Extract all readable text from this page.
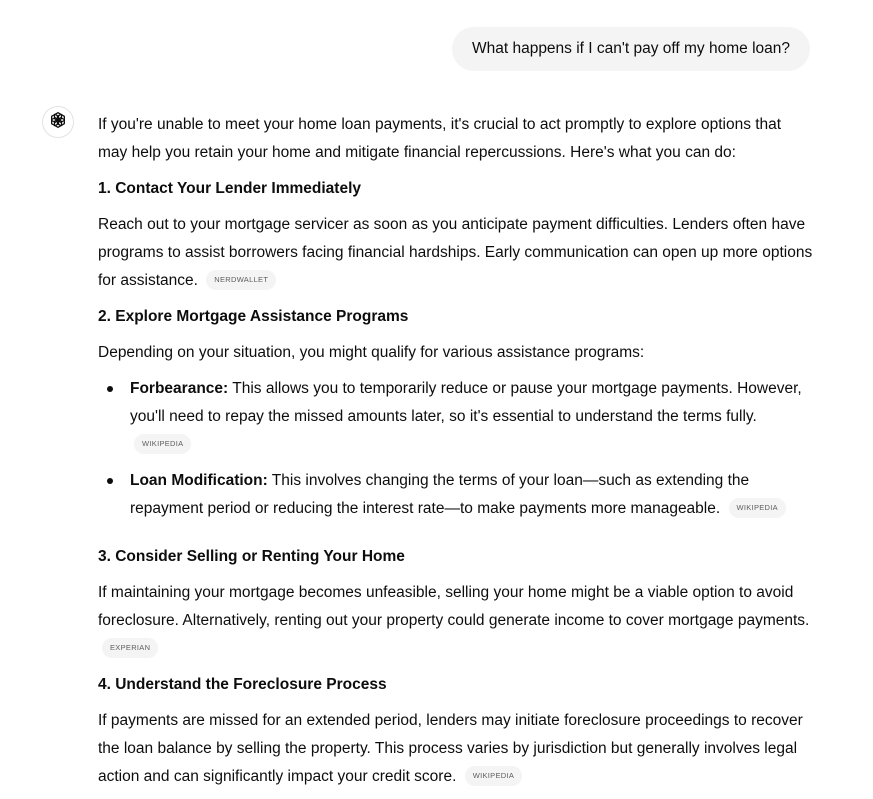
What happens if I can't pay off my home loan?

If you're unable to meet your home loan payments, it's crucial to act promptly to explore options that may help you retain your home and mitigate financial repercussions. Here's what you can do:

1. Contact Your Lender Immediately

Reach out to your mortgage servicer as soon as you anticipate payment difficulties. Lenders often have programs to assist borrowers facing financial hardships. Early communication can open up more options for assistance. NERDWALLET

2. Explore Mortgage Assistance Programs

Depending on your situation, you might qualify for various assistance programs:

Forbearance: This allows you to temporarily reduce or pause your mortgage payments. However, you'll need to repay the missed amounts later, so it's essential to understand the terms fully. WIKIPEDIA
Loan Modification: This involves changing the terms of your loan—such as extending the repayment period or reducing the interest rate—to make payments more manageable. WIKIPEDIA
3. Consider Selling or Renting Your Home

If maintaining your mortgage becomes unfeasible, selling your home might be a viable option to avoid foreclosure. Alternatively, renting out your property could generate income to cover mortgage payments. EXPERIAN

4. Understand the Foreclosure Process

If payments are missed for an extended period, lenders may initiate foreclosure proceedings to recover the loan balance by selling the property. This process varies by jurisdiction but generally involves legal action and can significantly impact your credit score. WIKIPEDIA
